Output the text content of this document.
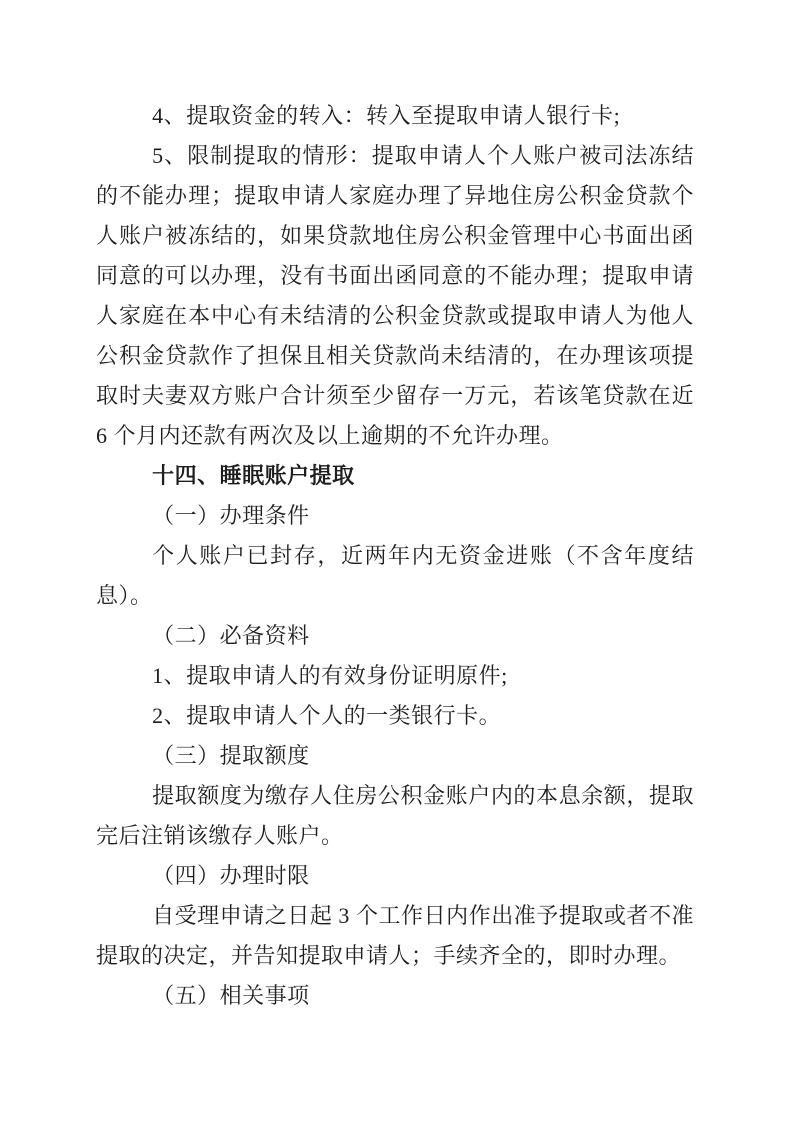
4、提取资金的转入：转入至提取申请人银行卡;

5、限制提取的情形：提取申请人个人账户被司法冻结的不能办理；提取申请人家庭办理了异地住房公积金贷款个人账户被冻结的，如果贷款地住房公积金管理中心书面出函同意的可以办理，没有书面出函同意的不能办理；提取申请人家庭在本中心有未结清的公积金贷款或提取申请人为他人公积金贷款作了担保且相关贷款尚未结清的，在办理该项提取时夫妻双方账户合计须至少留存一万元，若该笔贷款在近 6 个月内还款有两次及以上逾期的不允许办理。

十四、睡眠账户提取

（一）办理条件

个人账户已封存，近两年内无资金进账（不含年度结息）。

（二）必备资料

1、提取申请人的有效身份证明原件;

2、提取申请人个人的一类银行卡。

（三）提取额度

提取额度为缴存人住房公积金账户内的本息余额，提取完后注销该缴存人账户。

（四）办理时限

自受理申请之日起 3 个工作日内作出准予提取或者不准提取的决定，并告知提取申请人；手续齐全的，即时办理。

（五）相关事项
